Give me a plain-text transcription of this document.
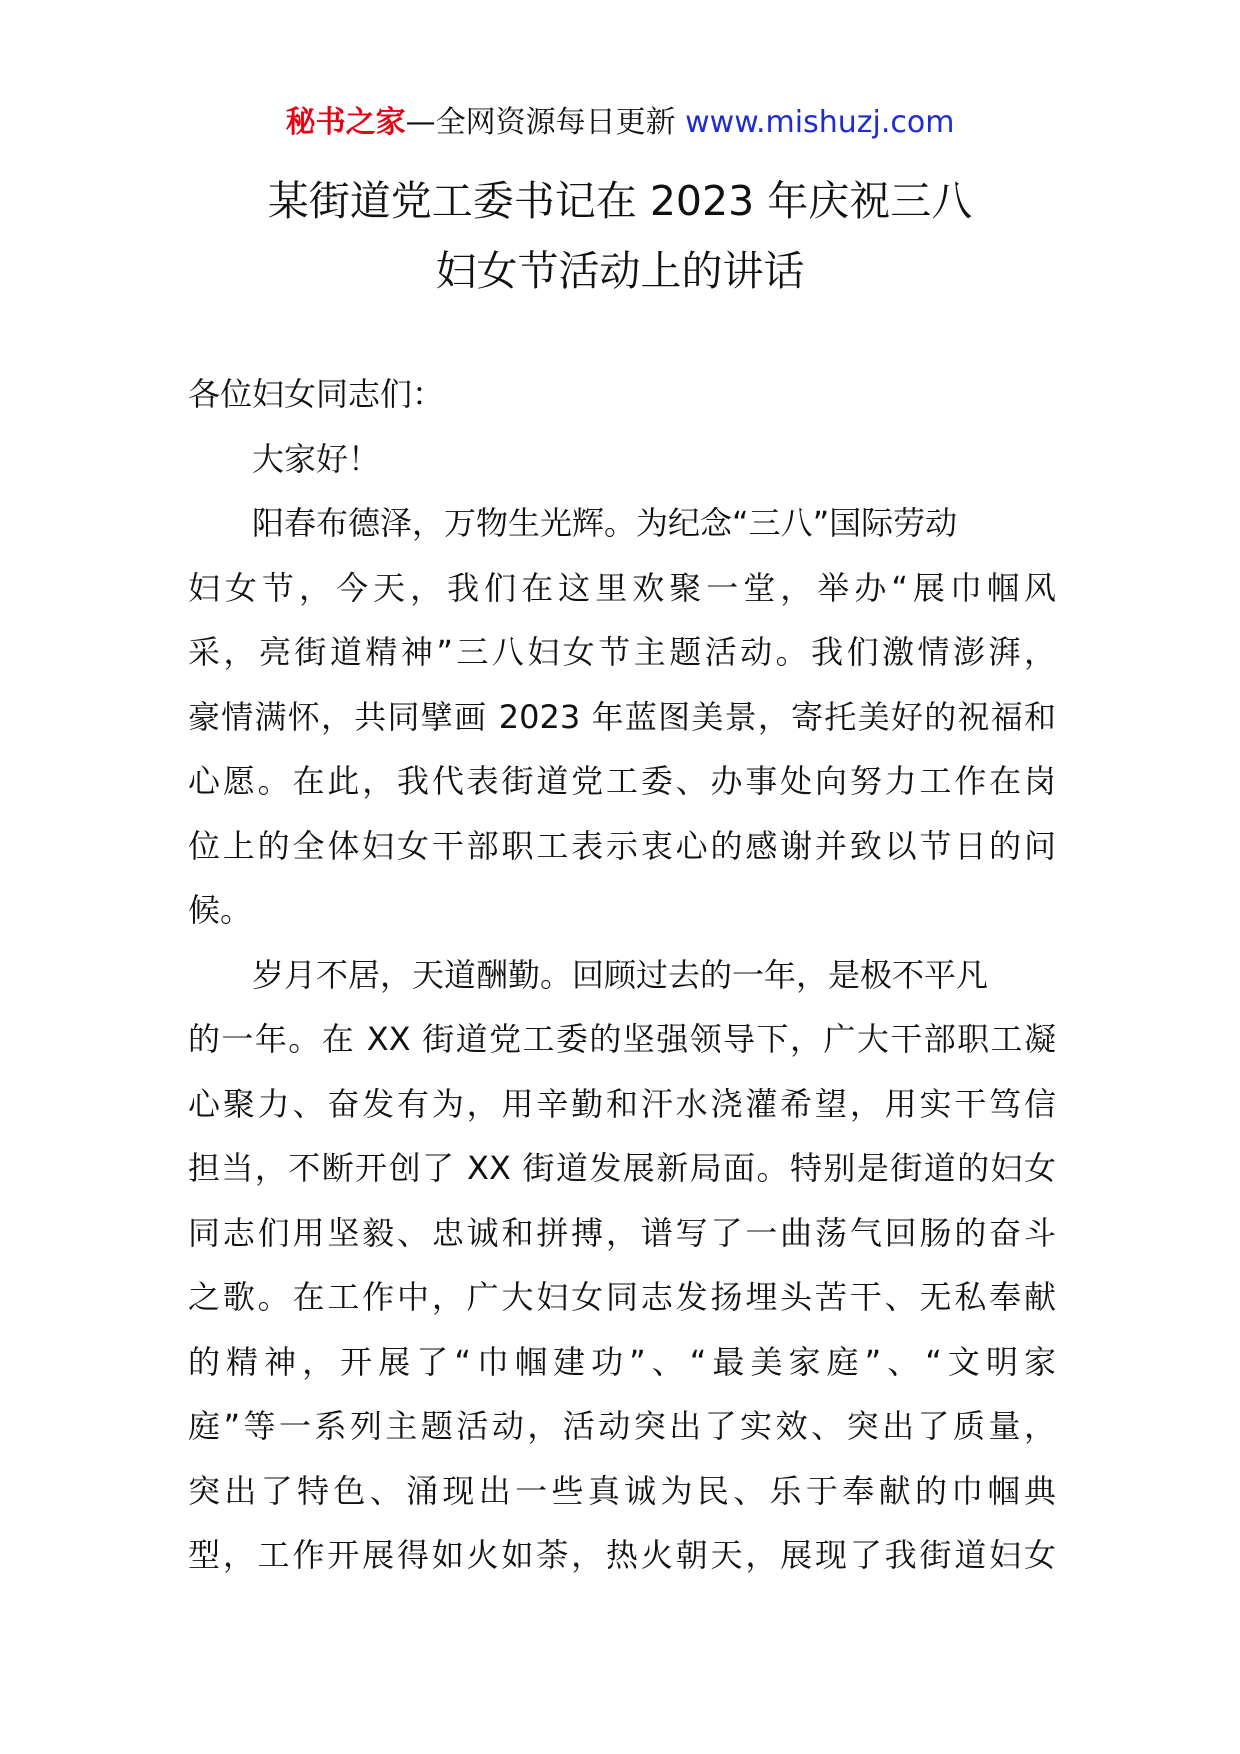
秘书之家—全网资源每日更新 www.mishuzj.com
某街道党工委书记在 2023 年庆祝三八
妇女节活动上的讲话
各位妇女同志们：
大家好！
阳春布德泽，万物生光辉。为纪念“三八”国际劳动
妇女节，今天，我们在这里欢聚一堂，举办“展巾帼风
采，亮街道精神”三八妇女节主题活动。我们激情澎湃，
豪情满怀，共同擘画 2023 年蓝图美景，寄托美好的祝福和
心愿。在此，我代表街道党工委、办事处向努力工作在岗
位上的全体妇女干部职工表示衷心的感谢并致以节日的问
候。
岁月不居，天道酬勤。回顾过去的一年，是极不平凡
的一年。在 XX 街道党工委的坚强领导下，广大干部职工凝
心聚力、奋发有为，用辛勤和汗水浇灌希望，用实干笃信
担当，不断开创了 XX 街道发展新局面。特别是街道的妇女
同志们用坚毅、忠诚和拼搏，谱写了一曲荡气回肠的奋斗
之歌。在工作中，广大妇女同志发扬埋头苦干、无私奉献
的精神，开展了“巾帼建功”、“最美家庭”、“文明家
庭”等一系列主题活动，活动突出了实效、突出了质量，
突出了特色、涌现出一些真诚为民、乐于奉献的巾帼典
型，工作开展得如火如荼，热火朝天，展现了我街道妇女
